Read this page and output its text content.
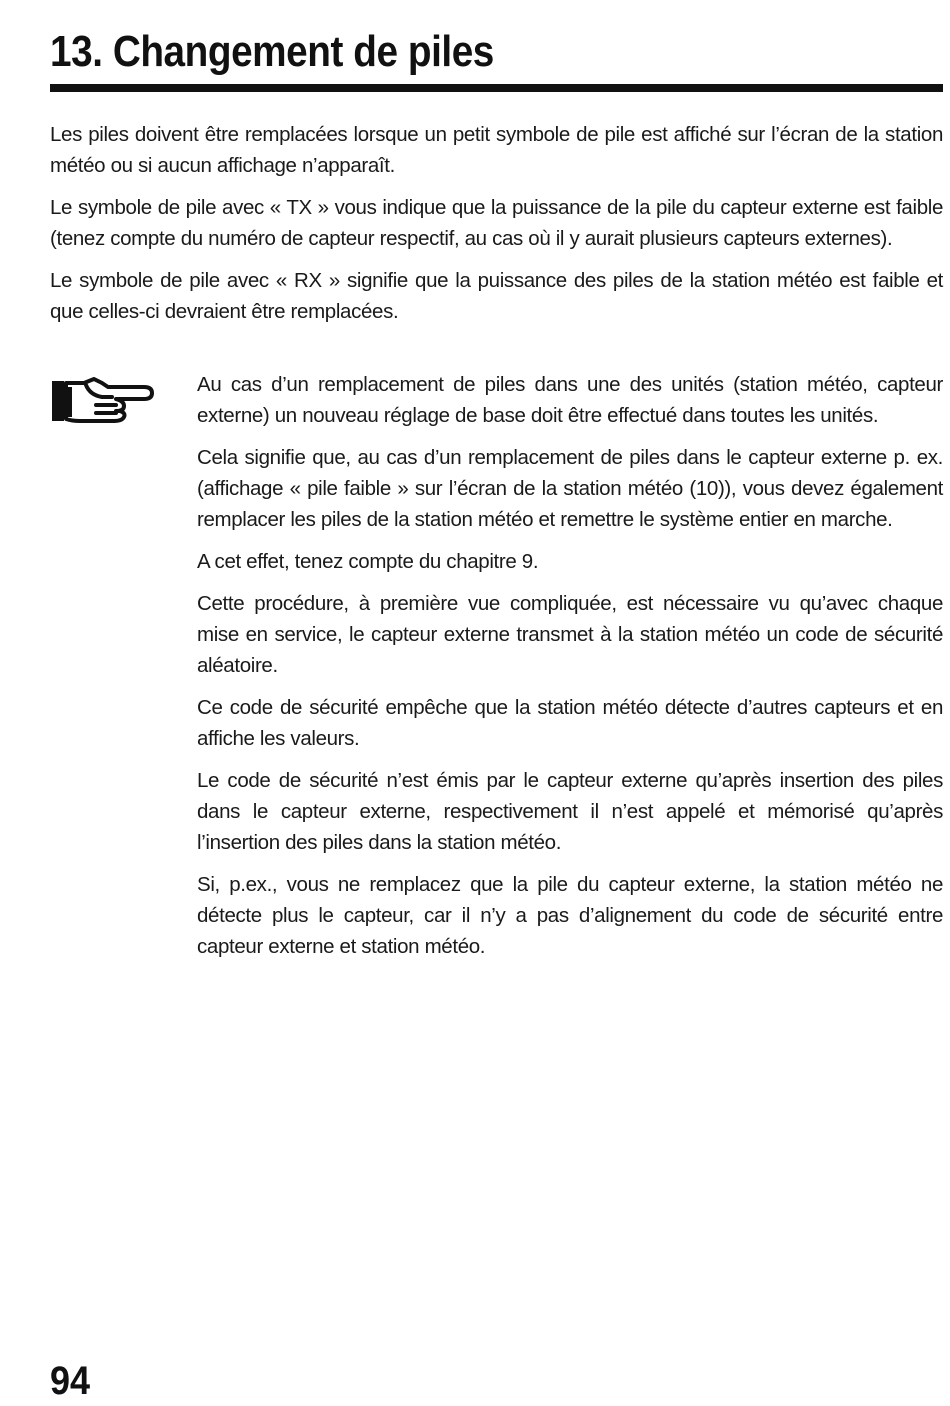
13. Changement de piles

Les piles doivent être remplacées lorsque un petit symbole de pile est affiché sur l’écran de la station météo ou si aucun affichage n’apparaît.

Le symbole de pile avec « TX » vous indique que la puissance de la pile du capteur externe est faible (tenez compte du numéro de capteur respectif, au cas où il y aurait plusieurs capteurs externes).

Le symbole de pile avec « RX » signifie que la puissance des piles de la station météo est faible et que celles-ci devraient être remplacées.

Au cas d’un remplacement de piles dans une des unités (station météo, capteur externe) un nouveau réglage de base doit être effectué dans toutes les unités.

Cela signifie que, au cas d’un remplacement de piles dans le capteur externe p. ex. (affichage « pile faible » sur l’écran de la station météo (10)), vous devez également remplacer les piles de la station météo et remettre le système entier en marche.

A cet effet, tenez compte du chapitre 9.

Cette procédure, à première vue compliquée, est nécessaire vu qu’avec chaque mise en service, le capteur externe transmet à la station météo un code de sécurité aléatoire.

Ce code de sécurité empêche que la station météo détecte d’autres capteurs et en affiche les valeurs.

Le code de sécurité n’est émis par le capteur externe qu’après insertion des piles dans le capteur externe, respectivement il n’est appelé et mémorisé qu’après l’insertion des piles dans la station météo.

Si, p.ex., vous ne remplacez que la pile du capteur externe, la station météo ne détecte plus le capteur, car il n’y a pas d’alignement du code de sécurité entre capteur externe et station météo.

94
